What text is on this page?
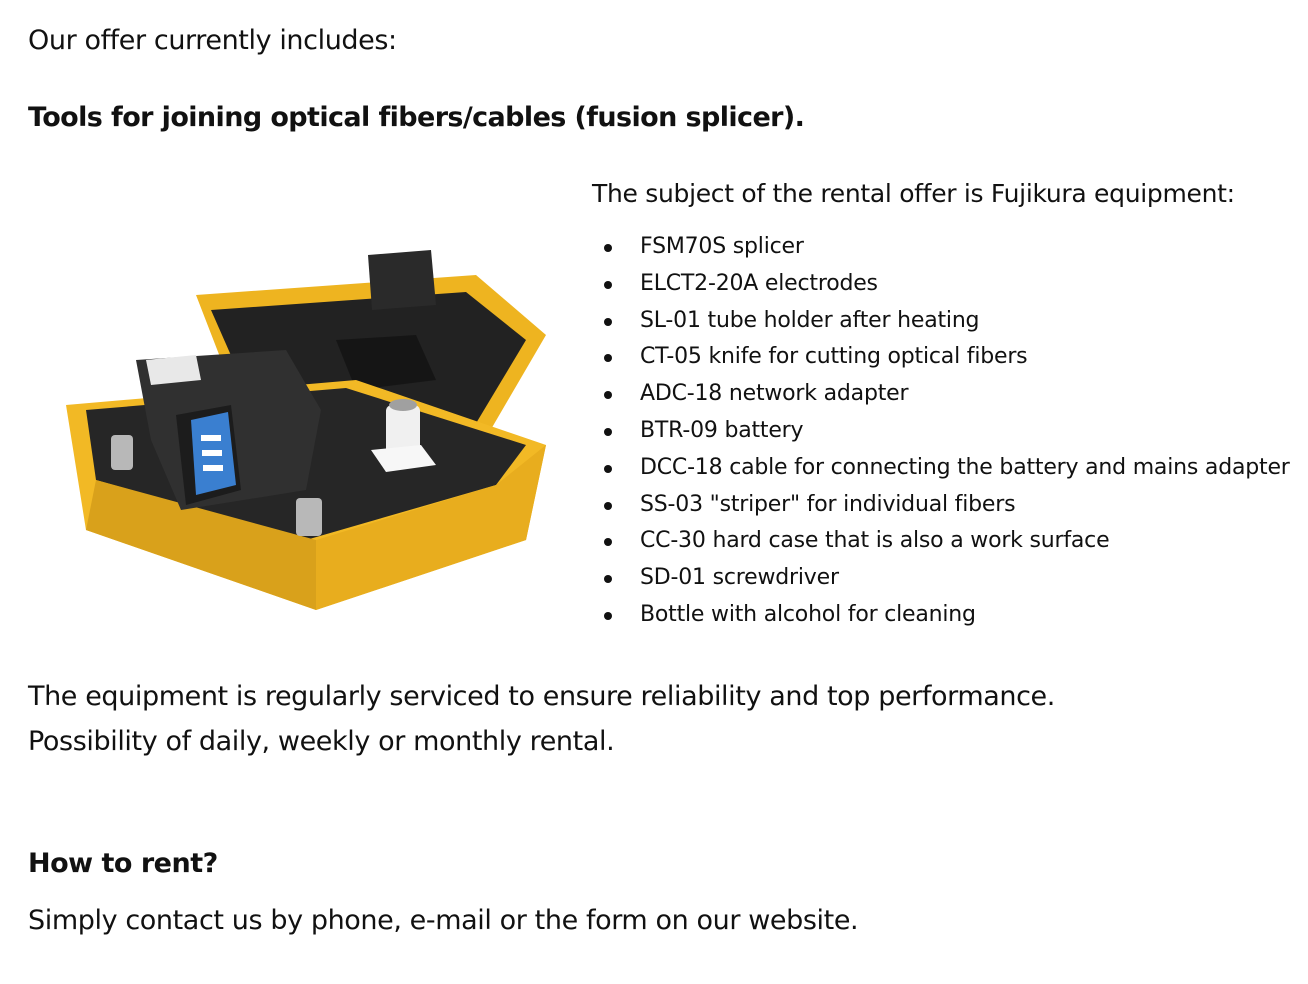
Our offer currently includes:

Tools for joining optical fibers/cables (fusion splicer).

The subject of the rental offer is Fujikura equipment:

FSM70S splicer
ELCT2-20A electrodes
SL-01 tube holder after heating
CT-05 knife for cutting optical fibers
ADC-18 network adapter
BTR-09 battery
DCC-18 cable for connecting the battery and mains adapter
SS-03 "striper" for individual fibers
CC-30 hard case that is also a work surface
SD-01 screwdriver
Bottle with alcohol for cleaning

The equipment is regularly serviced to ensure reliability and top performance.

Possibility of daily, weekly or monthly rental.

How to rent?

Simply contact us by phone, e-mail or the form on our website.
